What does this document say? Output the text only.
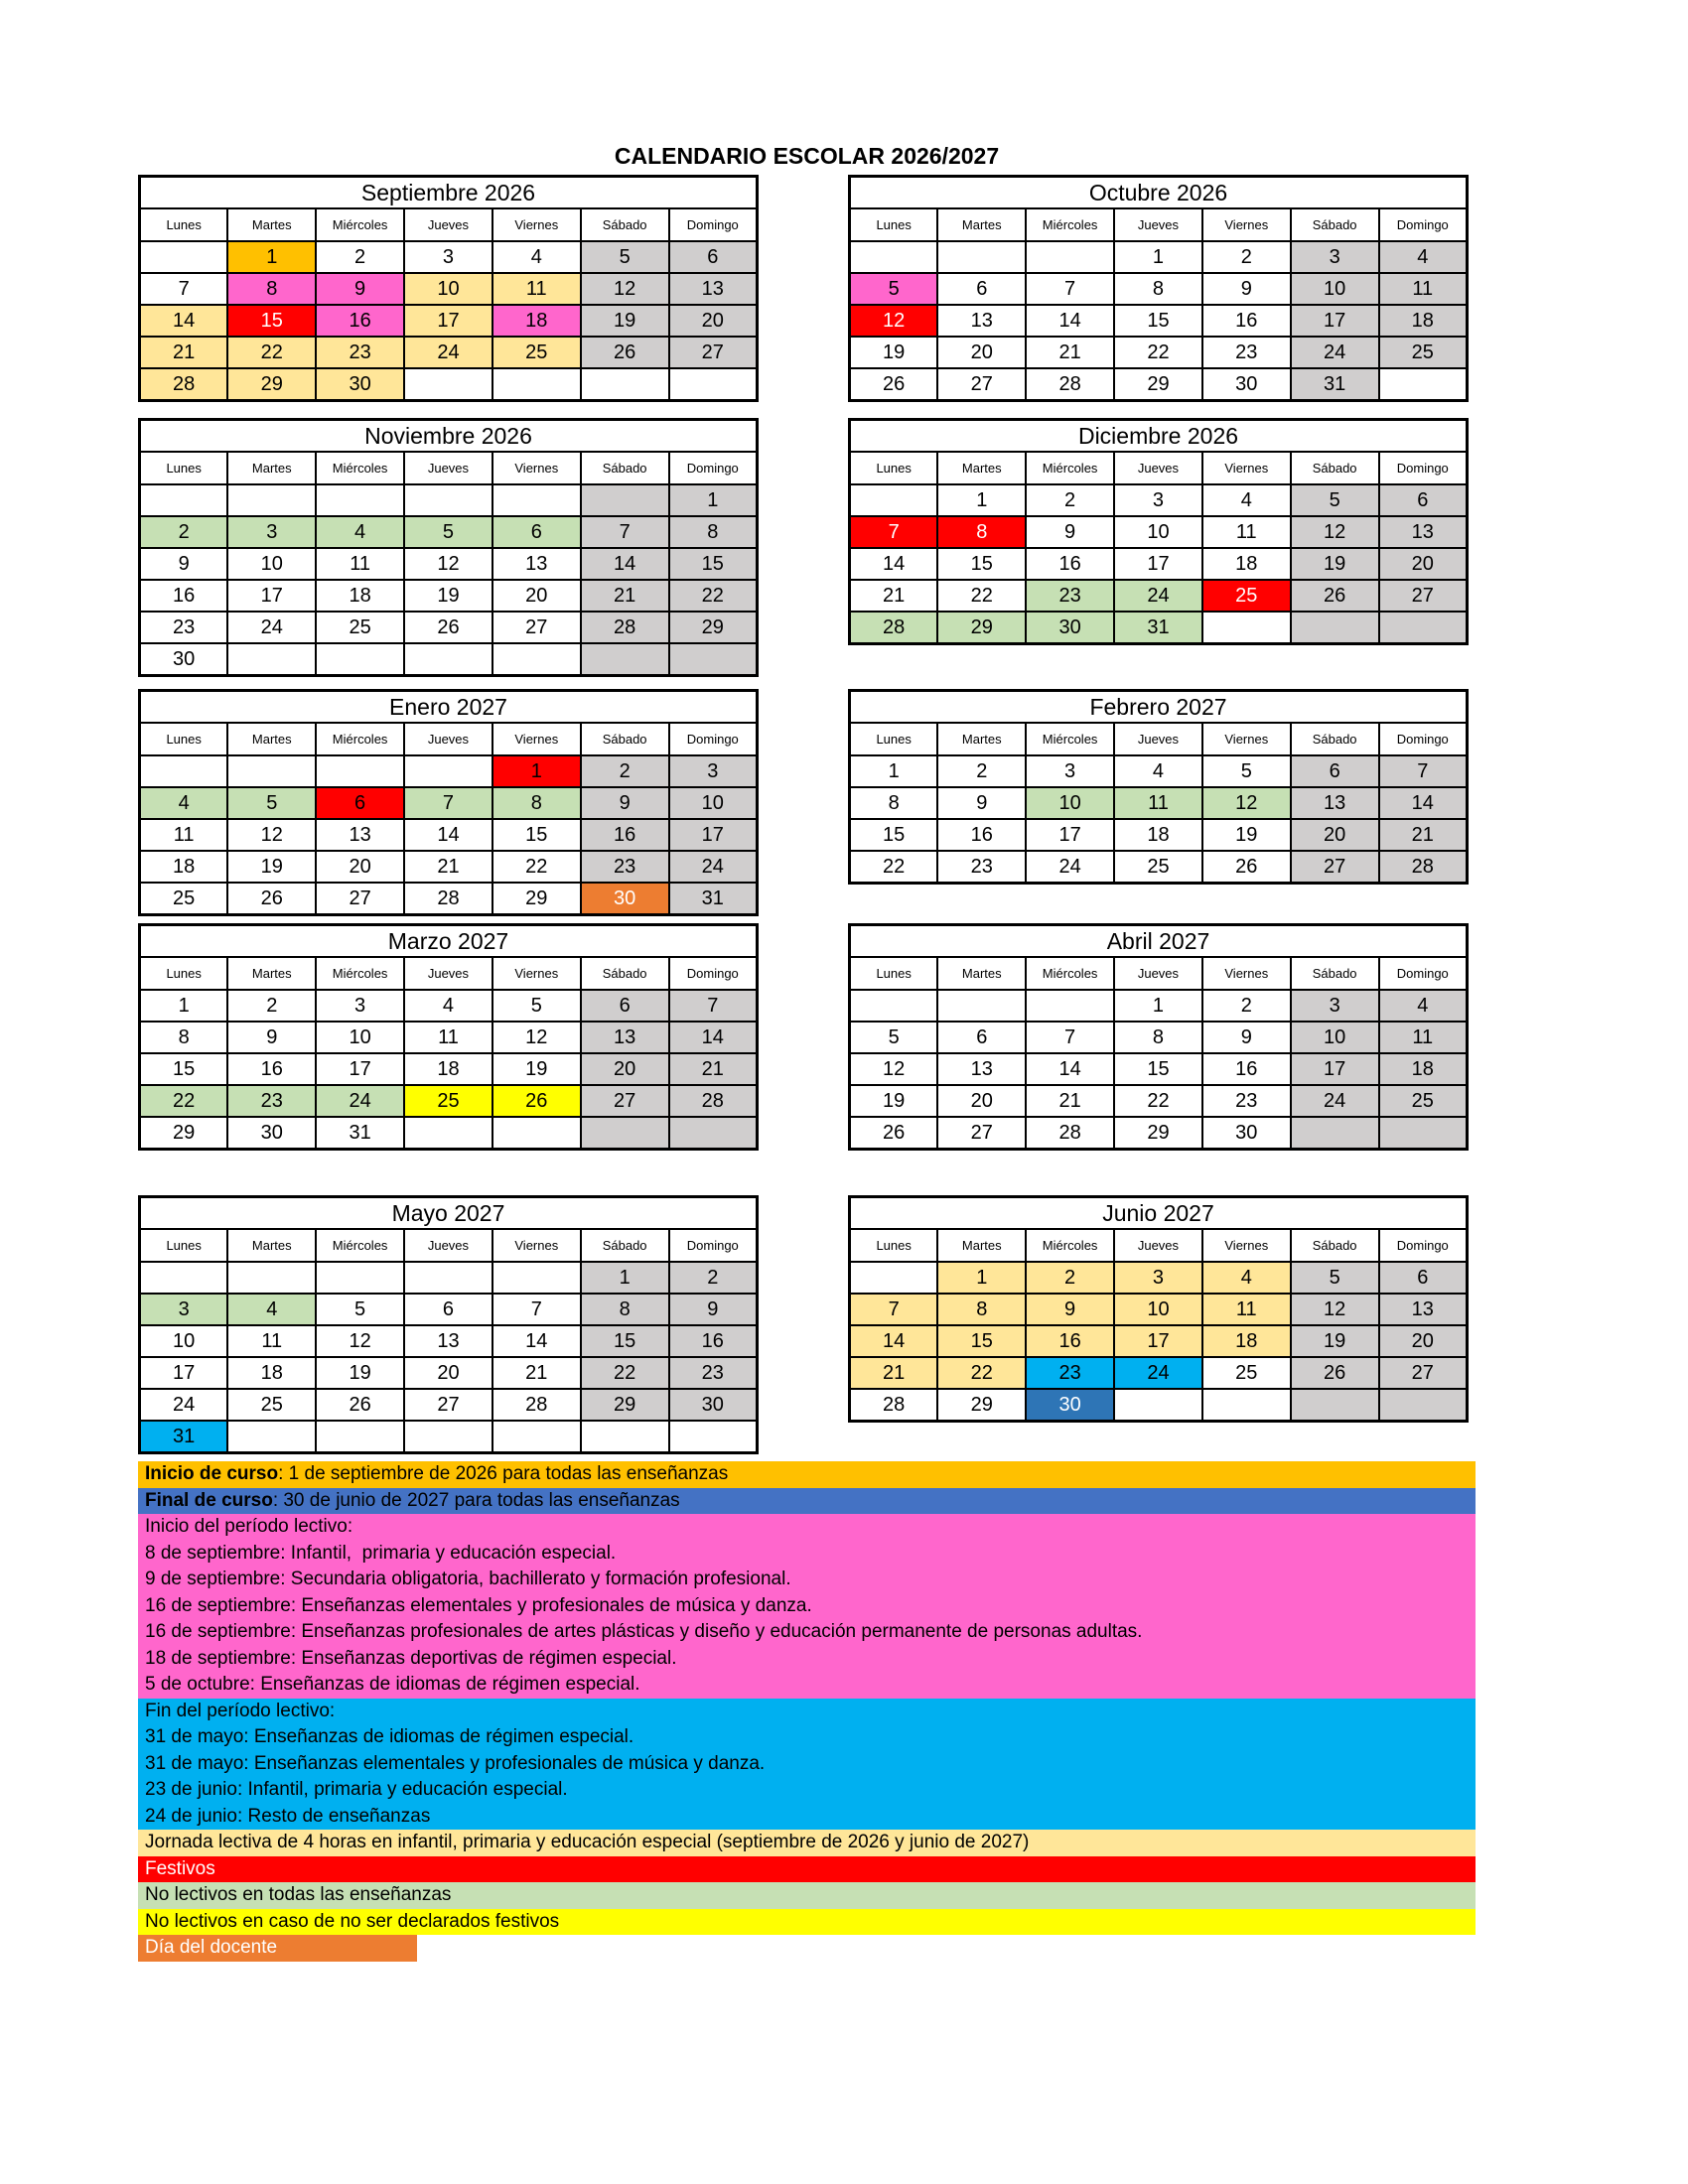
CALENDARIO ESCOLAR 2026/2027
Septiembre 2026						
Lunes	Martes	Miércoles	Jueves	Viernes	Sábado	Domingo
	1	2	3	4	5	6
7	8	9	10	11	12	13
14	15	16	17	18	19	20
21	22	23	24	25	26	27
28	29	30				
Octubre 2026						
Lunes	Martes	Miércoles	Jueves	Viernes	Sábado	Domingo
			1	2	3	4
5	6	7	8	9	10	11
12	13	14	15	16	17	18
19	20	21	22	23	24	25
26	27	28	29	30	31	
Noviembre 2026						
Lunes	Martes	Miércoles	Jueves	Viernes	Sábado	Domingo
						1
2	3	4	5	6	7	8
9	10	11	12	13	14	15
16	17	18	19	20	21	22
23	24	25	26	27	28	29
30						
Diciembre 2026						
Lunes	Martes	Miércoles	Jueves	Viernes	Sábado	Domingo
	1	2	3	4	5	6
7	8	9	10	11	12	13
14	15	16	17	18	19	20
21	22	23	24	25	26	27
28	29	30	31			
Enero 2027						
Lunes	Martes	Miércoles	Jueves	Viernes	Sábado	Domingo
				1	2	3
4	5	6	7	8	9	10
11	12	13	14	15	16	17
18	19	20	21	22	23	24
25	26	27	28	29	30	31
Febrero 2027						
Lunes	Martes	Miércoles	Jueves	Viernes	Sábado	Domingo
1	2	3	4	5	6	7
8	9	10	11	12	13	14
15	16	17	18	19	20	21
22	23	24	25	26	27	28
Marzo 2027						
Lunes	Martes	Miércoles	Jueves	Viernes	Sábado	Domingo
1	2	3	4	5	6	7
8	9	10	11	12	13	14
15	16	17	18	19	20	21
22	23	24	25	26	27	28
29	30	31				
Abril 2027						
Lunes	Martes	Miércoles	Jueves	Viernes	Sábado	Domingo
			1	2	3	4
5	6	7	8	9	10	11
12	13	14	15	16	17	18
19	20	21	22	23	24	25
26	27	28	29	30		
Mayo 2027						
Lunes	Martes	Miércoles	Jueves	Viernes	Sábado	Domingo
					1	2
3	4	5	6	7	8	9
10	11	12	13	14	15	16
17	18	19	20	21	22	23
24	25	26	27	28	29	30
31						
Junio 2027						
Lunes	Martes	Miércoles	Jueves	Viernes	Sábado	Domingo
	1	2	3	4	5	6
7	8	9	10	11	12	13
14	15	16	17	18	19	20
21	22	23	24	25	26	27
28	29	30				
Inicio de curso: 1 de septiembre de 2026 para todas las enseñanzas
Final de curso: 30 de junio de 2027 para todas las enseñanzas
Inicio del período lectivo:
8 de septiembre: Infantil,  primaria y educación especial.
9 de septiembre: Secundaria obligatoria, bachillerato y formación profesional.
16 de septiembre: Enseñanzas elementales y profesionales de música y danza.
16 de septiembre: Enseñanzas profesionales de artes plásticas y diseño y educación permanente de personas adultas.
18 de septiembre: Enseñanzas deportivas de régimen especial.
5 de octubre: Enseñanzas de idiomas de régimen especial.
Fin del período lectivo:
31 de mayo: Enseñanzas de idiomas de régimen especial.
31 de mayo: Enseñanzas elementales y profesionales de música y danza.
23 de junio: Infantil, primaria y educación especial.
24 de junio: Resto de enseñanzas
Jornada lectiva de 4 horas en infantil, primaria y educación especial (septiembre de 2026 y junio de 2027)
Festivos
No lectivos en todas las enseñanzas
No lectivos en caso de no ser declarados festivos
Día del docente
